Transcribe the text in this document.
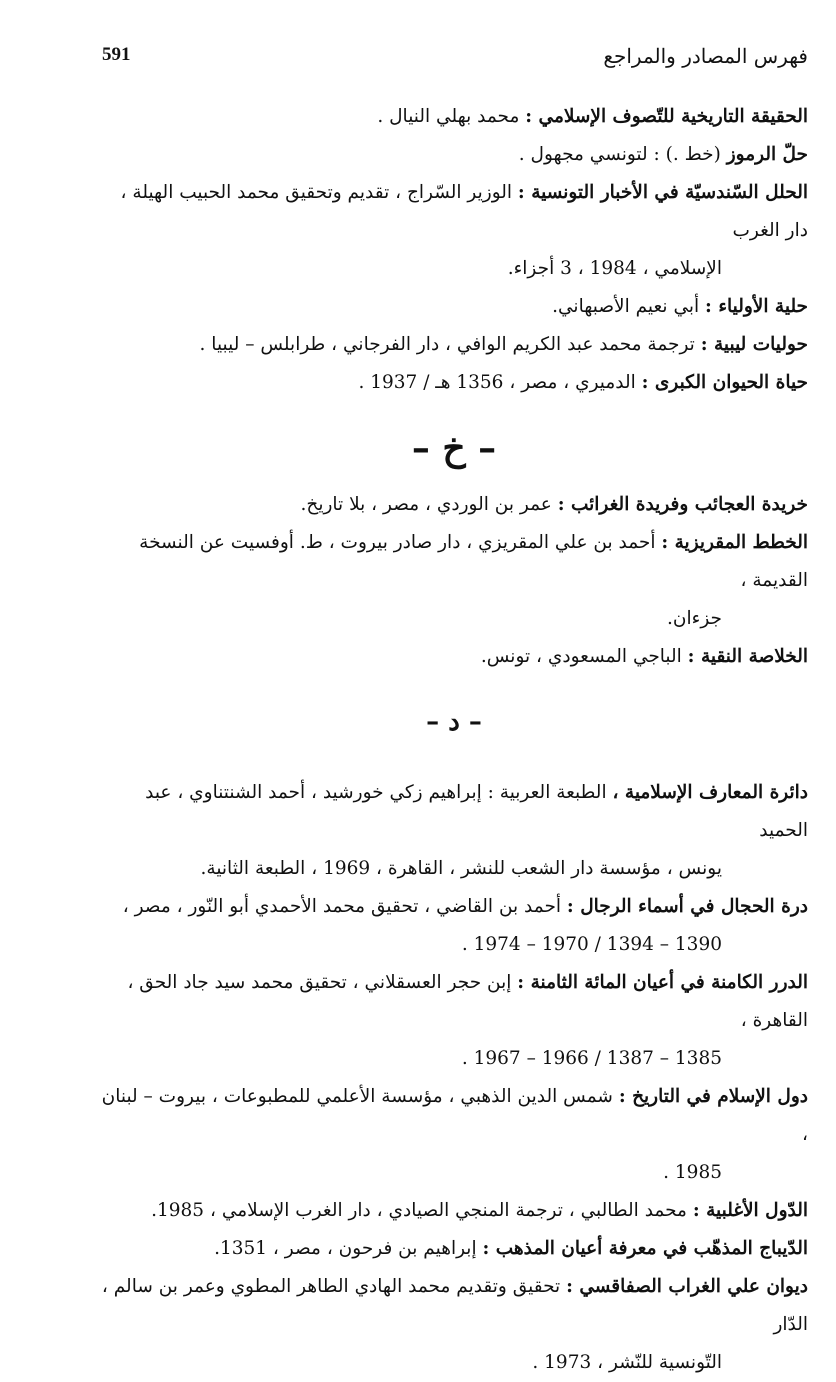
591	فهرس المصادر والمراجع

الحقيقة التاريخية للتّصوف الإسلامي : محمد بهلي النيال .

حلّ الرموز (خط .) : لتونسي مجهول .

الحلل السّندسيّة في الأخبار التونسية : الوزير السّراج ، تقديم وتحقيق محمد الحبيب الهيلة ، دار الغرب
الإسلامي ، 1984 ، 3 أجزاء.

حلية الأولياء : أبي نعيم الأصبهاني.

حوليات ليبية : ترجمة محمد عبد الكريم الوافي ، دار الفرجاني ، طرابلس – ليبيا .

حياة الحيوان الكبرى : الدميري ، مصر ، 1356 هـ / 1937 .

– خ –

خريدة العجائب وفريدة الغرائب : عمر بن الوردي ، مصر ، بلا تاريخ.

الخطط المقريزية : أحمد بن علي المقريزي ، دار صادر بيروت ، ط. أوفسيت عن النسخة القديمة ،
جزءان.

الخلاصة النقية : الباجي المسعودي ، تونس.

– د –

دائرة المعارف الإسلامية ، الطبعة العربية : إبراهيم زكي خورشيد ، أحمد الشنتناوي ، عبد الحميد
يونس ، مؤسسة دار الشعب للنشر ، القاهرة ، 1969 ، الطبعة الثانية.

درة الحجال في أسماء الرجال : أحمد بن القاضي ، تحقيق محمد الأحمدي أبو النّور ، مصر ،
1390 – 1394 / 1970 – 1974 .

الدرر الكامنة في أعيان المائة الثامنة : إبن حجر العسقلاني ، تحقيق محمد سيد جاد الحق ، القاهرة ،
1385 – 1387 / 1966 – 1967 .

دول الإسلام في التاريخ : شمس الدين الذهبي ، مؤسسة الأعلمي للمطبوعات ، بيروت – لبنان ،
1985 .

الدّول الأغلبية : محمد الطالبي ، ترجمة المنجي الصيادي ، دار الغرب الإسلامي ، 1985.

الدّيباج المذهّب في معرفة أعيان المذهب : إبراهيم بن فرحون ، مصر ، 1351.

ديوان علي الغراب الصفاقسي : تحقيق وتقديم محمد الهادي الطاهر المطوي وعمر بن سالم ، الدّار
التّونسية للنّشر ، 1973 .
